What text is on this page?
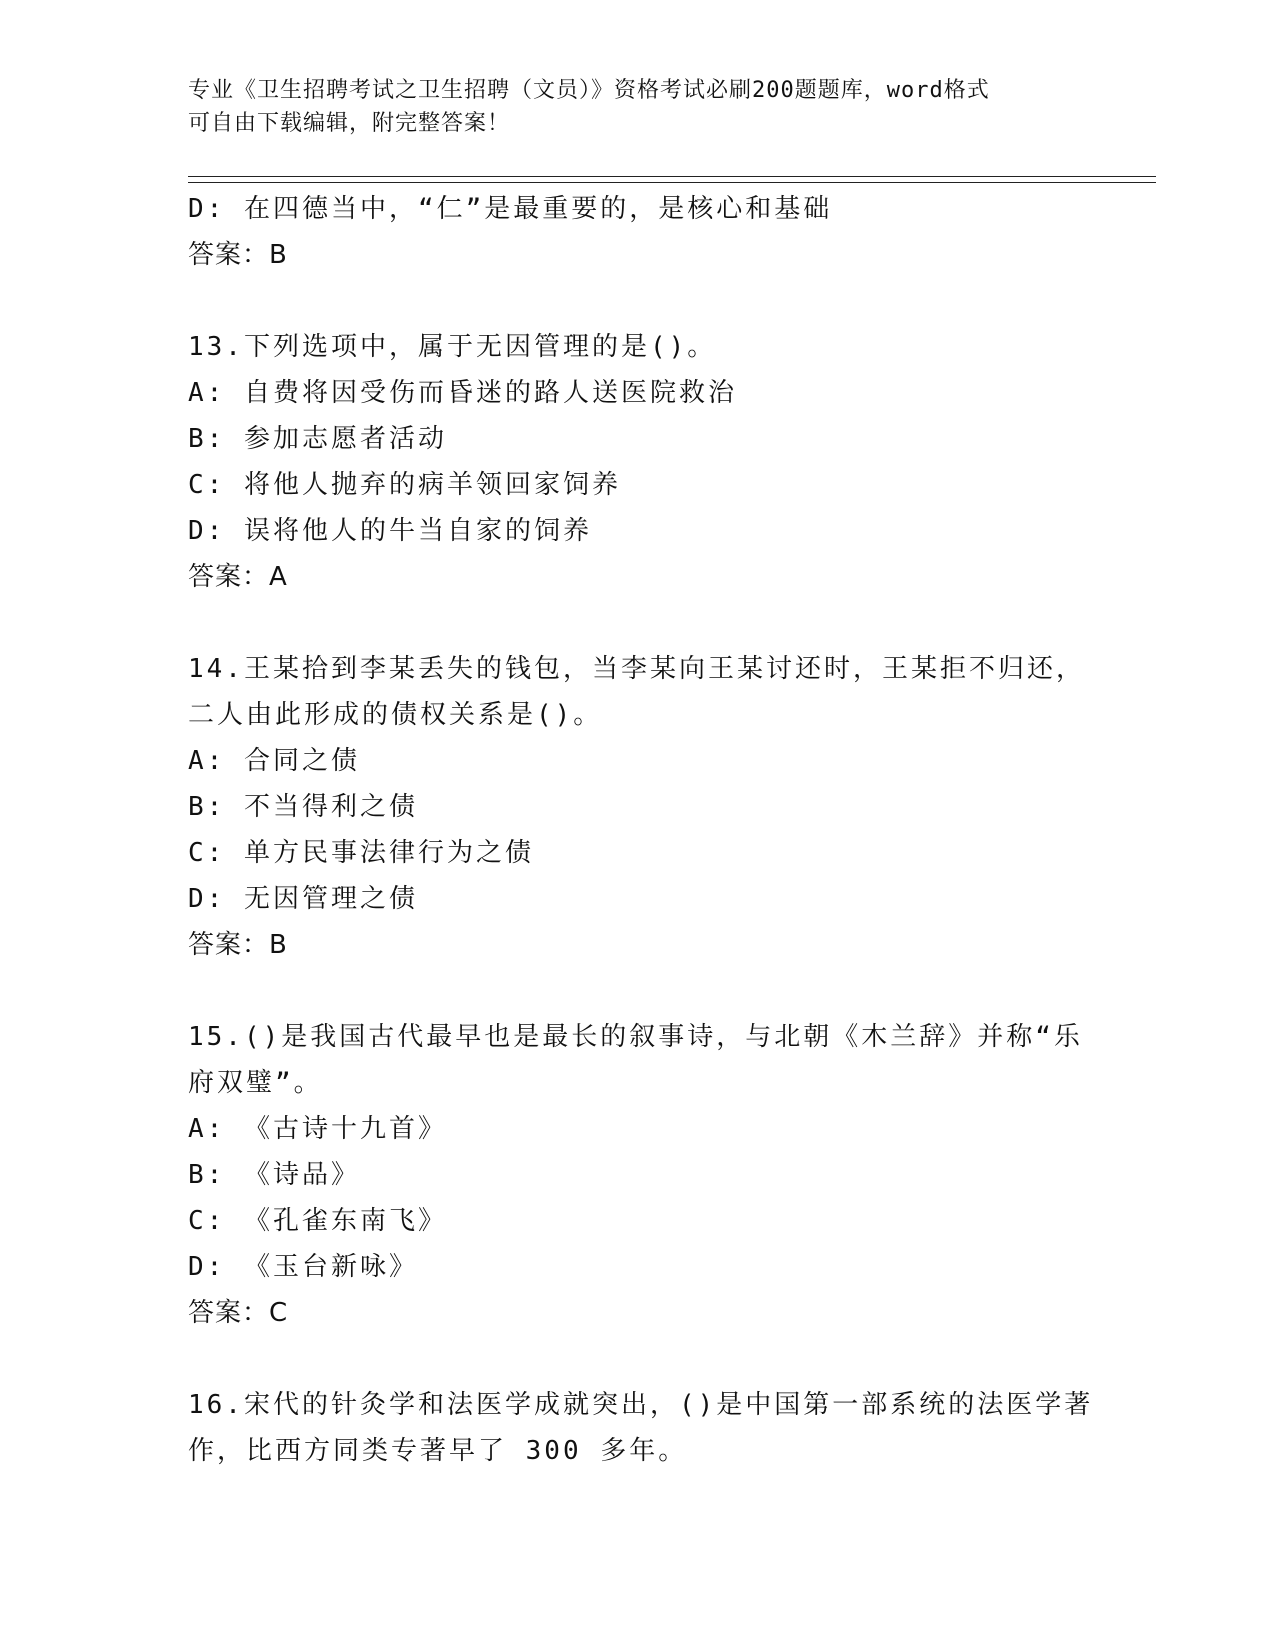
专业《卫生招聘考试之卫生招聘（文员）》资格考试必刷200题题库，word格式
可自由下载编辑，附完整答案！
D: 在四德当中，“仁”是最重要的，是核心和基础
答案：B
13.下列选项中，属于无因管理的是()。
A: 自费将因受伤而昏迷的路人送医院救治
B: 参加志愿者活动
C: 将他人抛弃的病羊领回家饲养
D: 误将他人的牛当自家的饲养
答案：A
14.王某拾到李某丢失的钱包，当李某向王某讨还时，王某拒不归还，
二人由此形成的债权关系是()。
A: 合同之债
B: 不当得利之债
C: 单方民事法律行为之债
D: 无因管理之债
答案：B
15.()是我国古代最早也是最长的叙事诗，与北朝《木兰辞》并称“乐
府双璧”。
A: 《古诗十九首》
B: 《诗品》
C: 《孔雀东南飞》
D: 《玉台新咏》
答案：C
16.宋代的针灸学和法医学成就突出，()是中国第一部系统的法医学著
作，比西方同类专著早了 300 多年。
